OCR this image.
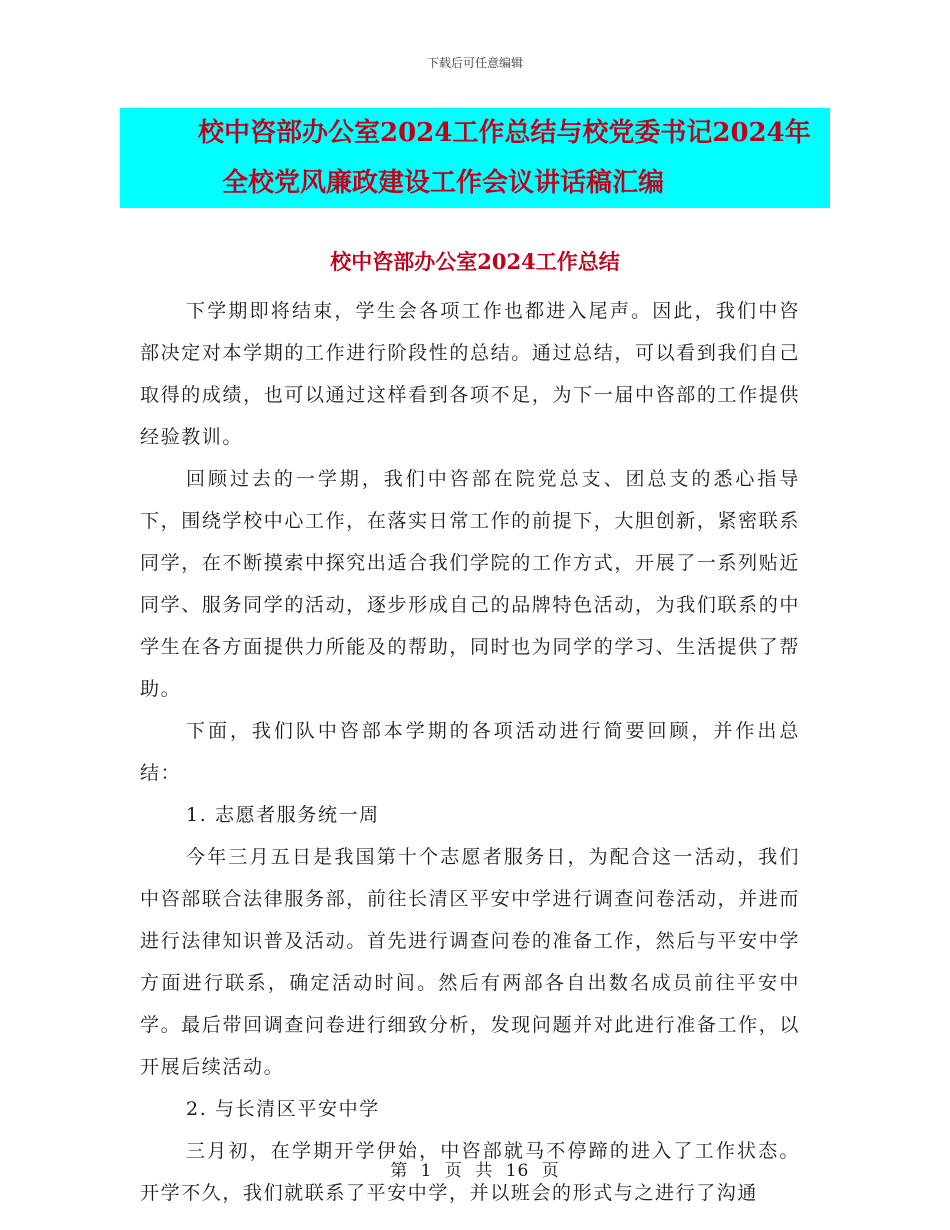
下载后可任意编辑
校中咨部办公室2024工作总结与校党委书记2024年
全校党风廉政建设工作会议讲话稿汇编
校中咨部办公室2024工作总结

下学期即将结束，学生会各项工作也都进入尾声。因此，我们中咨部决定对本学期的工作进行阶段性的总结。通过总结，可以看到我们自己取得的成绩，也可以通过这样看到各项不足，为下一届中咨部的工作提供经验教训。

回顾过去的一学期，我们中咨部在院党总支、团总支的悉心指导下，围绕学校中心工作，在落实日常工作的前提下，大胆创新，紧密联系同学，在不断摸索中探究出适合我们学院的工作方式，开展了一系列贴近同学、服务同学的活动，逐步形成自己的品牌特色活动，为我们联系的中学生在各方面提供力所能及的帮助，同时也为同学的学习、生活提供了帮助。

下面，我们队中咨部本学期的各项活动进行简要回顾，并作出总结：

1. 志愿者服务统一周

今年三月五日是我国第十个志愿者服务日，为配合这一活动，我们中咨部联合法律服务部，前往长清区平安中学进行调查问卷活动，并进而进行法律知识普及活动。首先进行调查问卷的准备工作，然后与平安中学方面进行联系，确定活动时间。然后有两部各自出数名成员前往平安中学。最后带回调查问卷进行细致分析，发现问题并对此进行准备工作，以开展后续活动。

2. 与长清区平安中学

三月初，在学期开学伊始，中咨部就马不停蹄的进入了工作状态。开学不久，我们就联系了平安中学，并以班会的形式与之进行了沟通

第 1 页 共 16 页
